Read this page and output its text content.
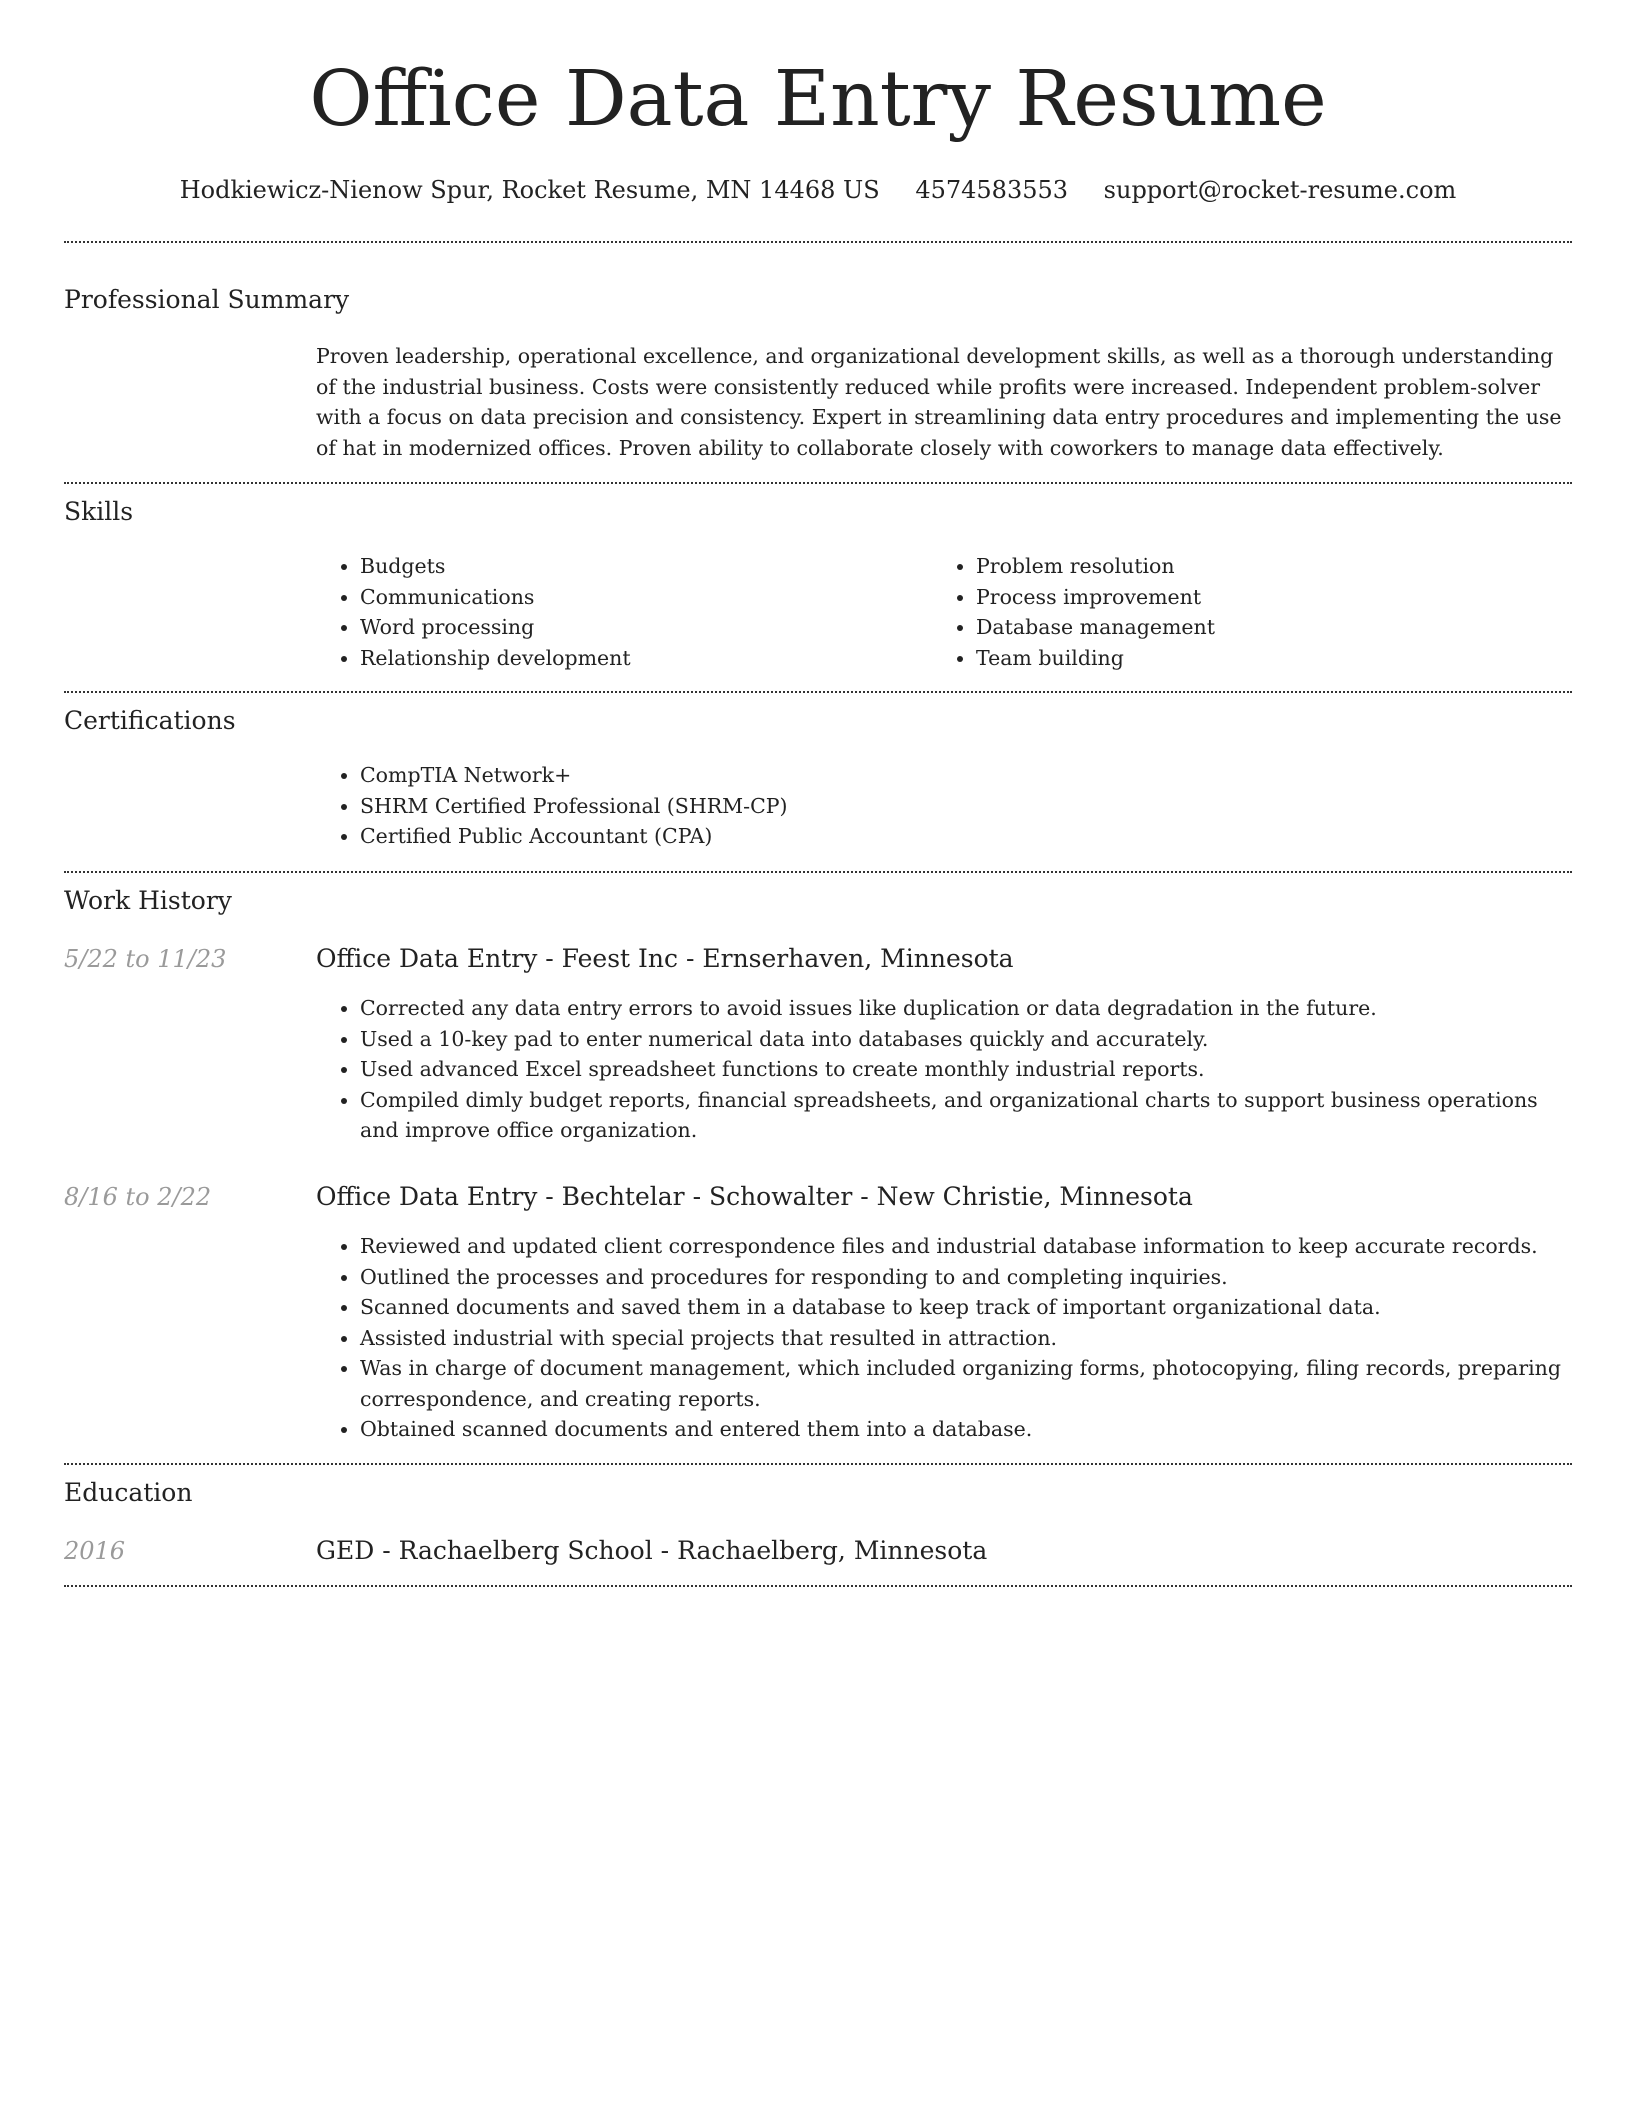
Office Data Entry Resume
Hodkiewicz-Nienow Spur, Rocket Resume, MN 14468 US 4574583553 support@rocket-resume.com
Professional Summary

Proven leadership, operational excellence, and organizational development skills, as well as a thorough understanding of the industrial business. Costs were consistently reduced while profits were increased. Independent problem-solver with a focus on data precision and consistency. Expert in streamlining data entry procedures and implementing the use of hat in modernized offices. Proven ability to collaborate closely with coworkers to manage data effectively.

Skills
• Budgets
• Communications
• Word processing
• Relationship development
• Problem resolution
• Process improvement
• Database management
• Team building
Certifications
• CompTIA Network+
• SHRM Certified Professional (SHRM-CP)
• Certified Public Accountant (CPA)
Work History
5/22 to 11/23	Office Data Entry - Feest Inc - Ernserhaven, Minnesota
• Corrected any data entry errors to avoid issues like duplication or data degradation in the future.
• Used a 10-key pad to enter numerical data into databases quickly and accurately.
• Used advanced Excel spreadsheet functions to create monthly industrial reports.
• Compiled dimly budget reports, financial spreadsheets, and organizational charts to support business operations and improve office organization.
8/16 to 2/22	Office Data Entry - Bechtelar - Schowalter - New Christie, Minnesota
• Reviewed and updated client correspondence files and industrial database information to keep accurate records.
• Outlined the processes and procedures for responding to and completing inquiries.
• Scanned documents and saved them in a database to keep track of important organizational data.
• Assisted industrial with special projects that resulted in attraction.
• Was in charge of document management, which included organizing forms, photocopying, filing records, preparing correspondence, and creating reports.
• Obtained scanned documents and entered them into a database.
Education
2016	GED - Rachaelberg School - Rachaelberg, Minnesota
